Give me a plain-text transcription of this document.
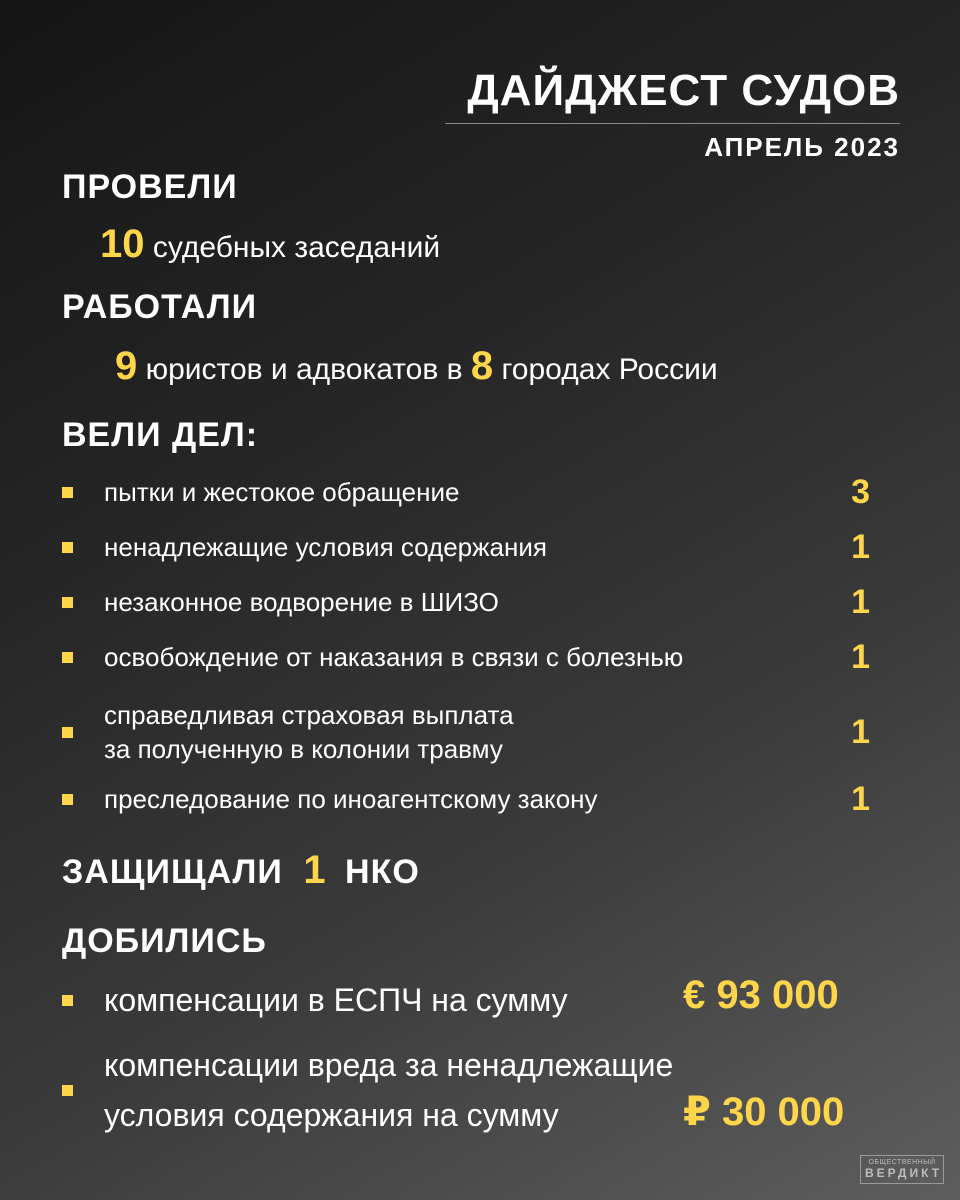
ДАЙДЖЕСТ СУДОВ
АПРЕЛЬ 2023
ПРОВЕЛИ
10 судебных заседаний
РАБОТАЛИ
9 юристов и адвокатов в 8 городах России
ВЕЛИ ДЕЛ:
пытки и жестокое обращение	3
ненадлежащие условия содержания	1
незаконное водворение в ШИЗО	1
освобождение от наказания в связи с болезнью	1
справедливая страховая выплата
за полученную в колонии травму	1
преследование по иноагентскому закону	1
ЗАЩИЩАЛИ 1 НКО
ДОБИЛИСЬ
компенсации в ЕСПЧ на сумму	€ 93 000
компенсации вреда за ненадлежащие
условия содержания на сумму	₽ 30 000
ОБЩЕСТВЕННЫЙ
ВЕРДИКТ
